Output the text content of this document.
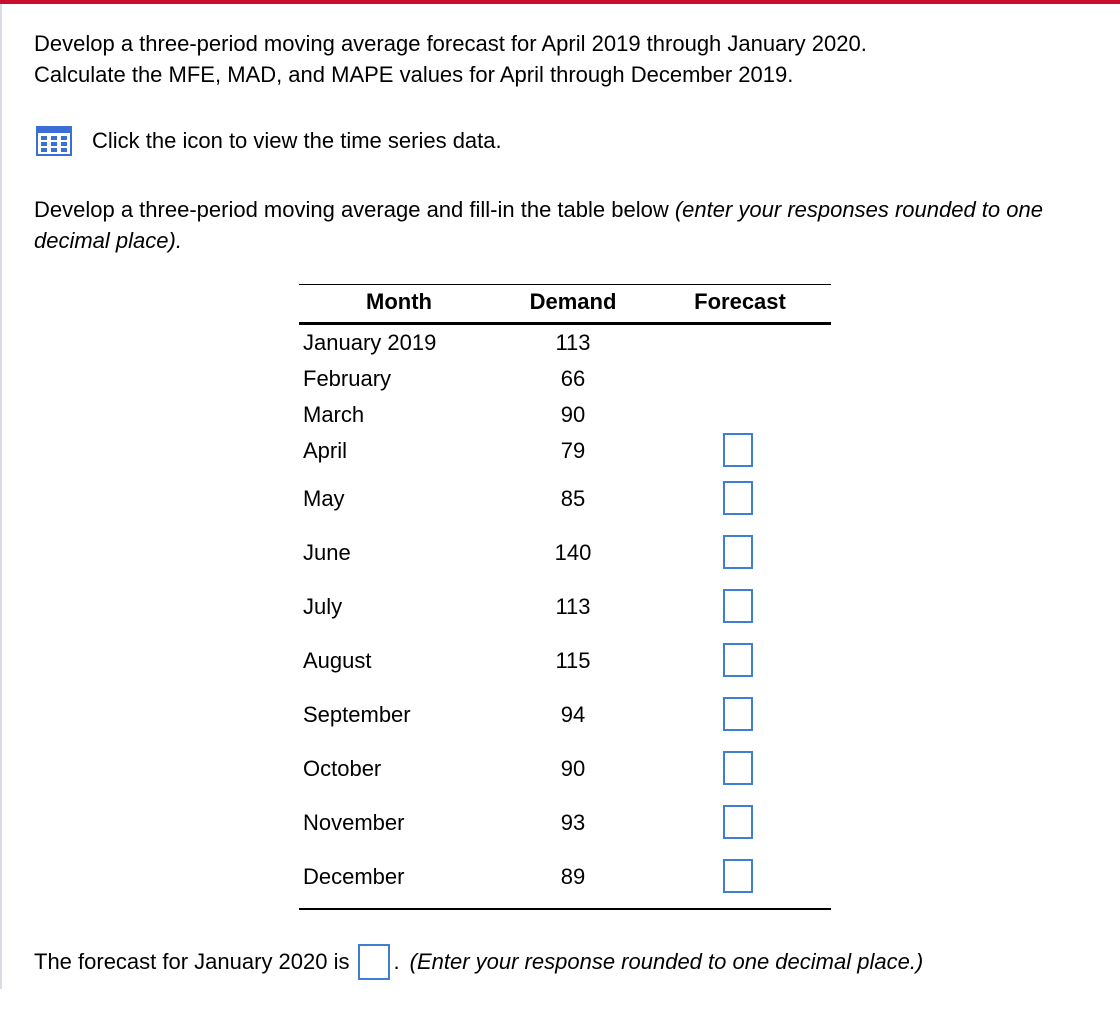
Develop a three-period moving average forecast for April 2019 through January 2020.
Calculate the MFE, MAD, and MAPE values for April through December 2019.
Click the icon to view the time series data.
Develop a three-period moving average and fill-in the table below (enter your responses rounded to one decimal place).
Month	Demand	Forecast
January 2019	113
February	66
March	90
April	79
May	85
June	140
July	113
August	115
September	94
October	90
November	93
December	89
The forecast for January 2020 is . (Enter your response rounded to one decimal place.)
